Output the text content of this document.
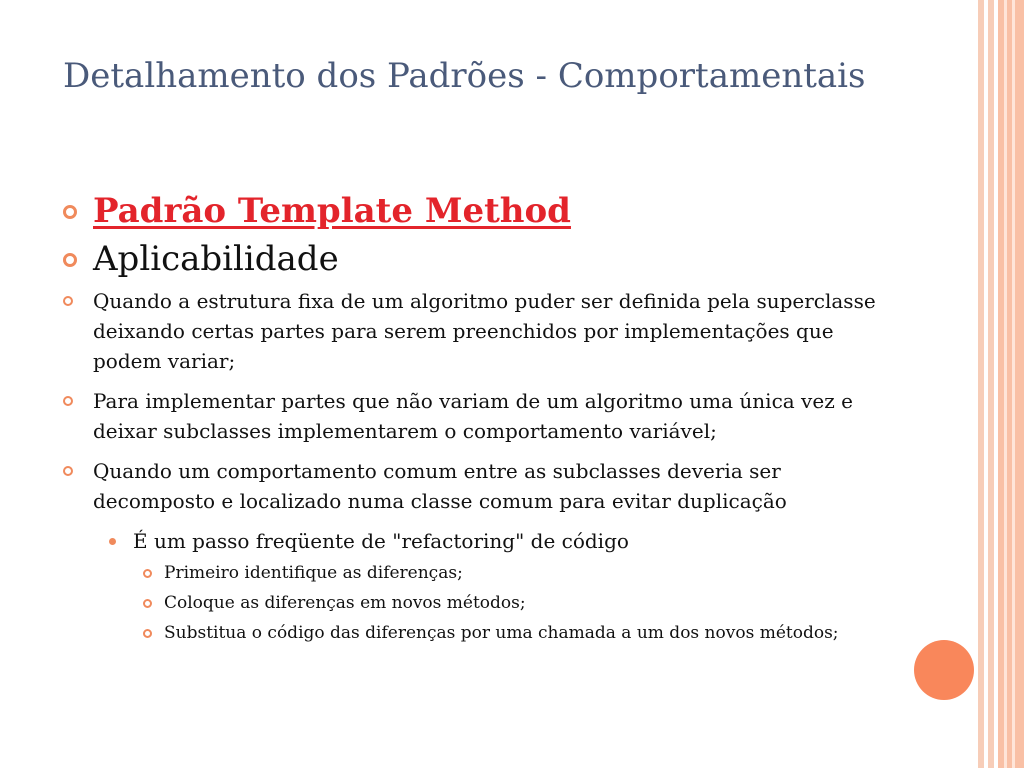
Detalhamento dos Padrões - Comportamentais
Padrão Template Method
Aplicabilidade
Quando a estrutura fixa de um algoritmo puder ser definida pela superclasse deixando certas partes para serem preenchidos por implementações que podem variar;
Para implementar partes que não variam de um algoritmo uma única vez e deixar subclasses implementarem o comportamento variável;
Quando um comportamento comum entre as subclasses deveria ser decomposto e localizado numa classe comum para evitar duplicação
É um passo freqüente de "refactoring" de código
Primeiro identifique as diferenças;
Coloque as diferenças em novos métodos;
Substitua o código das diferenças por uma chamada a um dos novos métodos;
